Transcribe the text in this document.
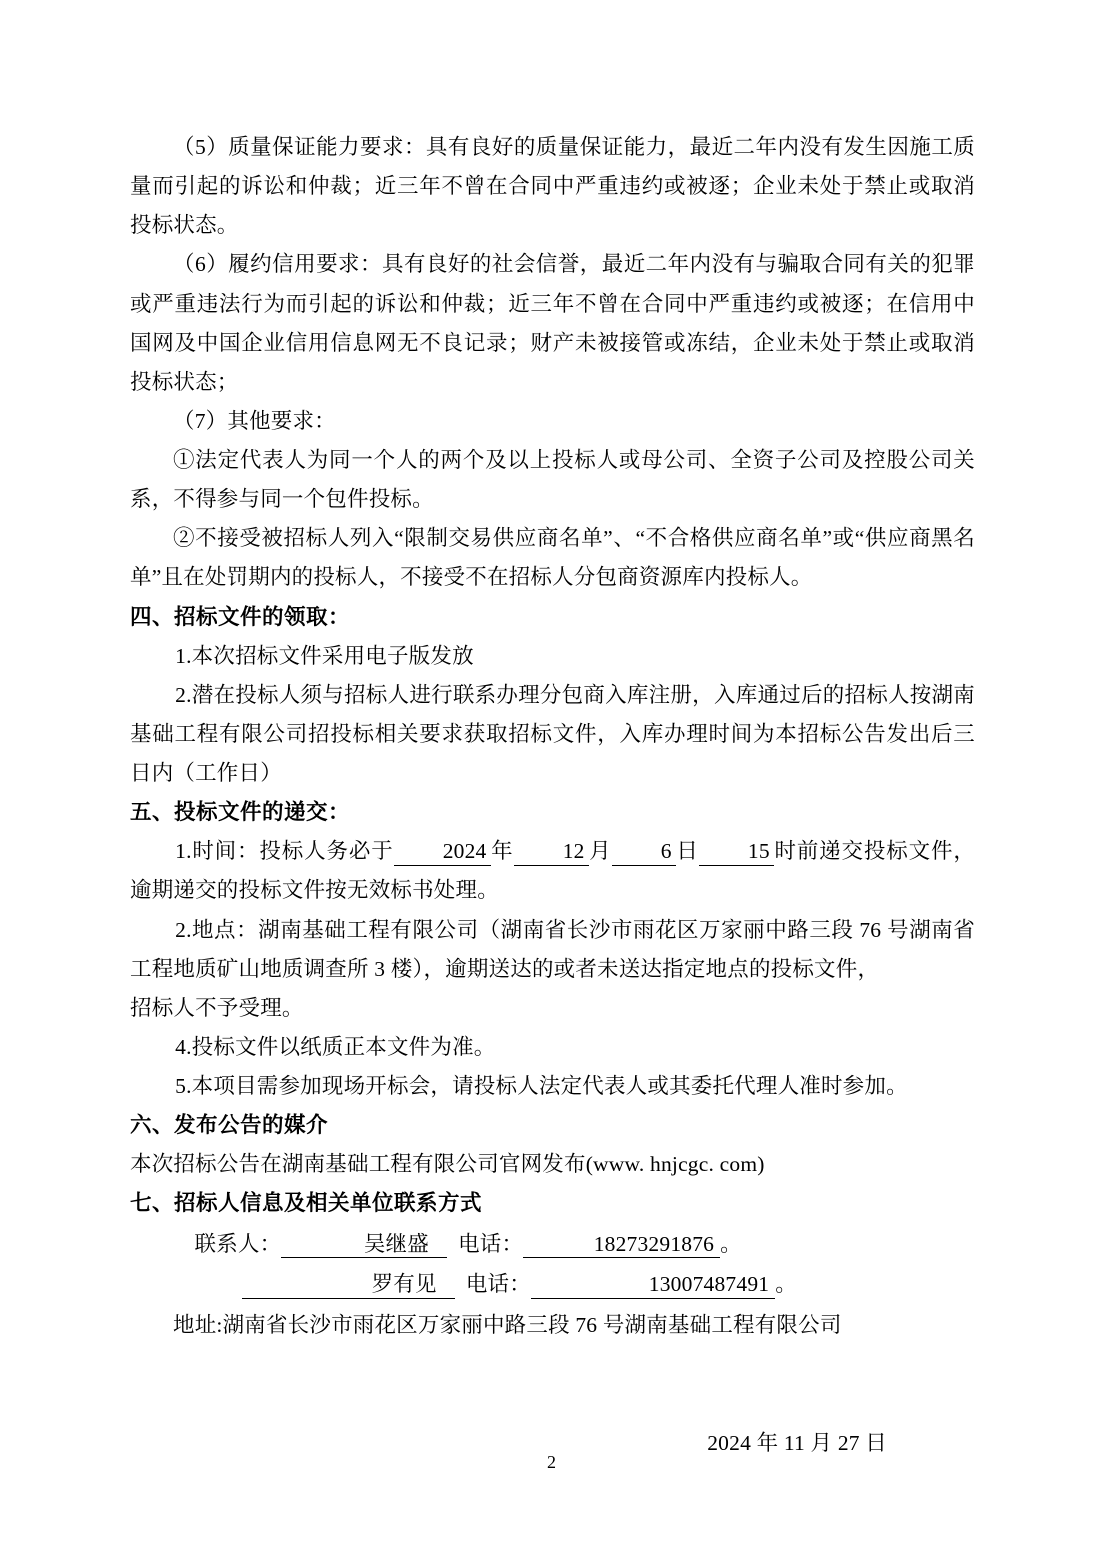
（5）质量保证能力要求：具有良好的质量保证能力，最近二年内没有发生因施工质量而引起的诉讼和仲裁；近三年不曾在合同中严重违约或被逐；企业未处于禁止或取消投标状态。

（6）履约信用要求：具有良好的社会信誉，最近二年内没有与骗取合同有关的犯罪或严重违法行为而引起的诉讼和仲裁；近三年不曾在合同中严重违约或被逐；在信用中国网及中国企业信用信息网无不良记录；财产未被接管或冻结，企业未处于禁止或取消投标状态；

（7）其他要求：

①法定代表人为同一个人的两个及以上投标人或母公司、全资子公司及控股公司关系，不得参与同一个包件投标。

②不接受被招标人列入“限制交易供应商名单”、“不合格供应商名单”或“供应商黑名单”且在处罚期内的投标人，不接受不在招标人分包商资源库内投标人。

四、招标文件的领取：

1.本次招标文件采用电子版发放

2.潜在投标人须与招标人进行联系办理分包商入库注册，入库通过后的招标人按湖南基础工程有限公司招投标相关要求获取招标文件，入库办理时间为本招标公告发出后三日内（工作日）

五、投标文件的递交：

1.时间：投标人务必于 2024 年 12 月 6 日 15 时前递交投标文件，逾期递交的投标文件按无效标书处理。

2.地点：湖南基础工程有限公司（湖南省长沙市雨花区万家丽中路三段 76 号湖南省工程地质矿山地质调查所 3 楼），逾期送达的或者未送达指定地点的投标文件，

招标人不予受理。

4.投标文件以纸质正本文件为准。

5.本项目需参加现场开标会，请投标人法定代表人或其委托代理人准时参加。

六、发布公告的媒介

本次招标公告在湖南基础工程有限公司官网发布(www. hnjcgc. com)

七、招标人信息及相关单位联系方式

联系人：	吴继盛 电话：	18273291876 。

罗有见 电话：	13007487491 。

地址:湖南省长沙市雨花区万家丽中路三段 76 号湖南基础工程有限公司

2024 年 11 月 27 日

2
